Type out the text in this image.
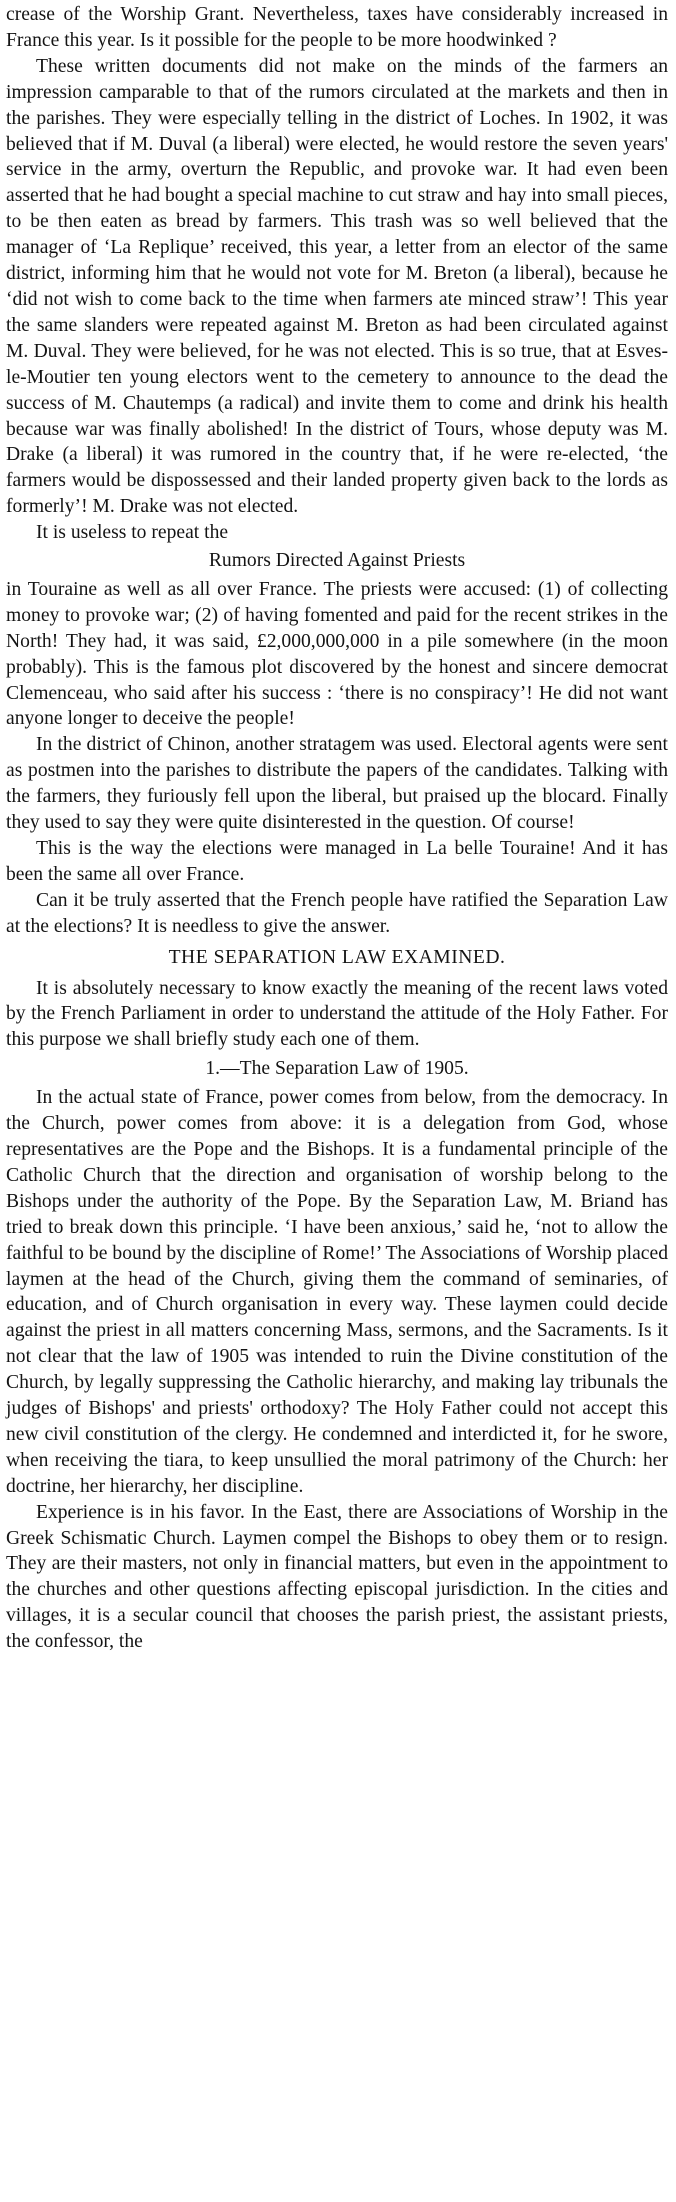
crease of the Worship Grant. Nevertheless, taxes have considerably increased in France this year. Is it possible for the people to be more hoodwinked ?

These written documents did not make on the minds of the farmers an impression camparable to that of the rumors circulated at the markets and then in the parishes. They were especially telling in the district of Loches. In 1902, it was believed that if M. Duval (a liberal) were elected, he would restore the seven years' service in the army, overturn the Republic, and provoke war. It had even been asserted that he had bought a special machine to cut straw and hay into small pieces, to be then eaten as bread by farmers. This trash was so well believed that the manager of ‘La Replique’ received, this year, a letter from an elector of the same district, informing him that he would not vote for M. Breton (a liberal), because he ‘did not wish to come back to the time when farmers ate minced straw’! This year the same slanders were repeated against M. Breton as had been circulated against M. Duval. They were believed, for he was not elected. This is so true, that at Esves-le-Moutier ten young electors went to the cemetery to announce to the dead the success of M. Chautemps (a radical) and invite them to come and drink his health because war was finally abolished! In the district of Tours, whose deputy was M. Drake (a liberal) it was rumored in the country that, if he were re-elected, ‘the farmers would be dispossessed and their landed property given back to the lords as formerly’! M. Drake was not elected.

It is useless to repeat the

Rumors Directed Against Priests

in Touraine as well as all over France. The priests were accused: (1) of collecting money to provoke war; (2) of having fomented and paid for the recent strikes in the North! They had, it was said, £2,000,000,000 in a pile somewhere (in the moon probably). This is the famous plot discovered by the honest and sincere democrat Clemenceau, who said after his success : ‘there is no conspiracy’! He did not want anyone longer to deceive the people!

In the district of Chinon, another stratagem was used. Electoral agents were sent as postmen into the parishes to distribute the papers of the candidates. Talking with the farmers, they furiously fell upon the liberal, but praised up the blocard. Finally they used to say they were quite disinterested in the question. Of course!

This is the way the elections were managed in La belle Touraine! And it has been the same all over France.

Can it be truly asserted that the French people have ratified the Separation Law at the elections? It is needless to give the answer.

THE SEPARATION LAW EXAMINED.

It is absolutely necessary to know exactly the meaning of the recent laws voted by the French Parliament in order to understand the attitude of the Holy Father. For this purpose we shall briefly study each one of them.

1.—The Separation Law of 1905.

In the actual state of France, power comes from below, from the democracy. In the Church, power comes from above: it is a delegation from God, whose representatives are the Pope and the Bishops. It is a fundamental principle of the Catholic Church that the direction and organisation of worship belong to the Bishops under the authority of the Pope. By the Separation Law, M. Briand has tried to break down this principle. ‘I have been anxious,’ said he, ‘not to allow the faithful to be bound by the discipline of Rome!’ The Associations of Worship placed laymen at the head of the Church, giving them the command of seminaries, of education, and of Church organisation in every way. These laymen could decide against the priest in all matters concerning Mass, sermons, and the Sacraments. Is it not clear that the law of 1905 was intended to ruin the Divine constitution of the Church, by legally suppressing the Catholic hierarchy, and making lay tribunals the judges of Bishops' and priests' orthodoxy? The Holy Father could not accept this new civil constitution of the clergy. He condemned and interdicted it, for he swore, when receiving the tiara, to keep unsullied the moral patrimony of the Church: her doctrine, her hierarchy, her discipline.

Experience is in his favor. In the East, there are Associations of Worship in the Greek Schismatic Church. Laymen compel the Bishops to obey them or to resign. They are their masters, not only in financial matters, but even in the appointment to the churches and other questions affecting episcopal jurisdiction. In the cities and villages, it is a secular council that chooses the parish priest, the assistant priests, the confessor, the
